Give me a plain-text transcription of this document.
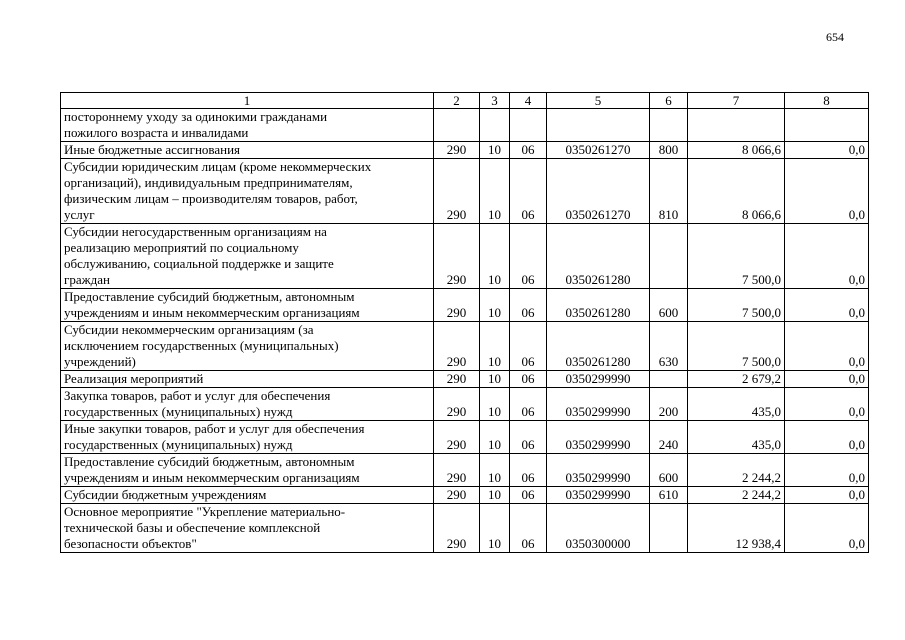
654
1	2	3	4	5	6	7	8
постороннему уходу за одинокими гражданами
пожилого возраста и инвалидами							
Иные бюджетные ассигнования	290	10	06	0350261270	800	8 066,6	0,0
Субсидии юридическим лицам (кроме некоммерческих
организаций), индивидуальным предпринимателям,
физическим лицам – производителям товаров, работ,
услуг	290	10	06	0350261270	810	8 066,6	0,0
Субсидии негосударственным организациям на
реализацию мероприятий по социальному
обслуживанию, социальной поддержке и защите
граждан	290	10	06	0350261280		7 500,0	0,0
Предоставление субсидий бюджетным, автономным
учреждениям и иным некоммерческим организациям	290	10	06	0350261280	600	7 500,0	0,0
Субсидии некоммерческим организациям (за
исключением государственных (муниципальных)
учреждений)	290	10	06	0350261280	630	7 500,0	0,0
Реализация мероприятий	290	10	06	0350299990		2 679,2	0,0
Закупка товаров, работ и услуг для обеспечения
государственных (муниципальных) нужд	290	10	06	0350299990	200	435,0	0,0
Иные закупки товаров, работ и услуг для обеспечения
государственных (муниципальных) нужд	290	10	06	0350299990	240	435,0	0,0
Предоставление субсидий бюджетным, автономным
учреждениям и иным некоммерческим организациям	290	10	06	0350299990	600	2 244,2	0,0
Субсидии бюджетным учреждениям	290	10	06	0350299990	610	2 244,2	0,0
Основное мероприятие "Укрепление материально-
технической базы и обеспечение комплексной
безопасности объектов"	290	10	06	0350300000		12 938,4	0,0
